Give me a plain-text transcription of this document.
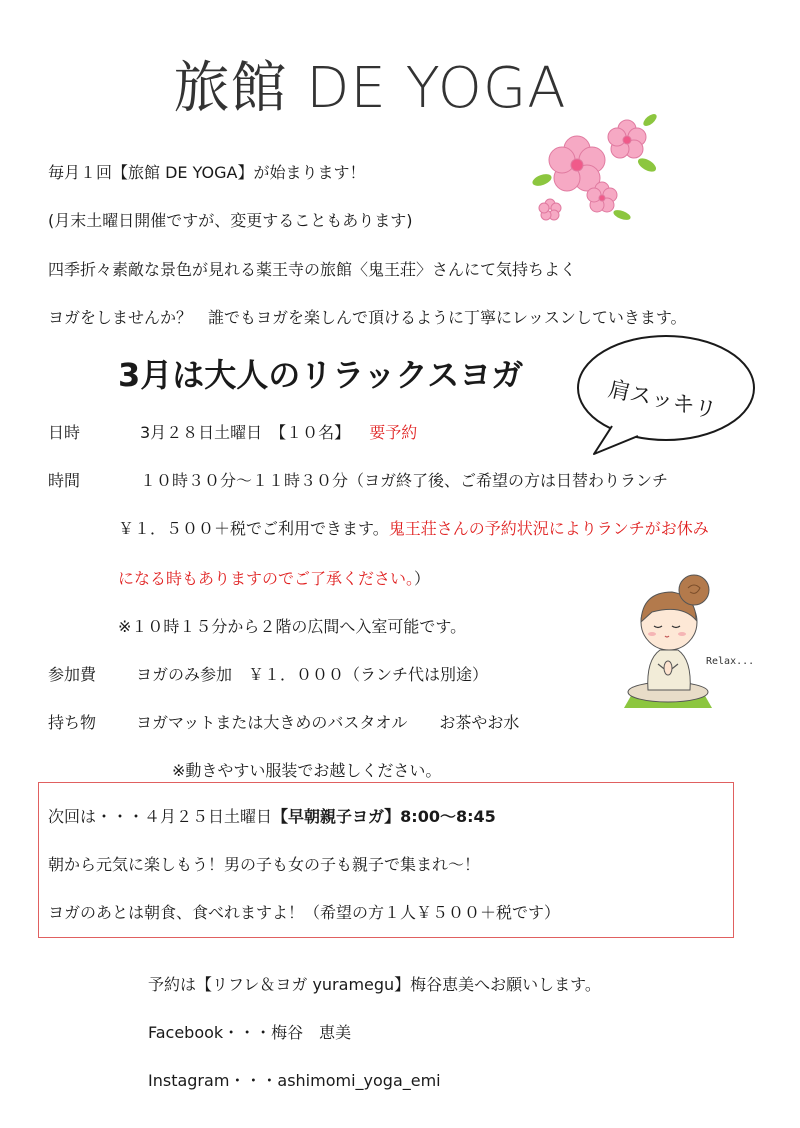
旅館 DE YOGA
毎月１回【旅館 DE YOGA】が始まります！
(月末土曜日開催ですが、変更することもあります)
四季折々素敵な景色が見れる薬王寺の旅館〈鬼王荘〉さんにて気持ちよく
ヨガをしませんか？　誰でもヨガを楽しんで頂けるように丁寧にレッスンしていきます。
3月は大人のリラックスヨガ
肩スッキリ
日時	3月２８日土曜日　【１０名】 要予約
時間	１０時３０分～１１時３０分（ヨガ終了後、ご希望の方は日替わりランチ
￥１．５００＋税でご利用できます。鬼王荘さんの予約状況によりランチがお休み
になる時もありますのでご了承ください。）
※１０時１５分から２階の広間へ入室可能です。
参加費	ヨガのみ参加　￥１．０００（ランチ代は別途）
持ち物	ヨガマットまたは大きめのバスタオル　　お茶やお水
※動きやすい服装でお越しください。
Relax...
次回は・・・４月２５日土曜日【早朝親子ヨガ】8:00～8:45
朝から元気に楽しもう！男の子も女の子も親子で集まれ～！
ヨガのあとは朝食、食べれますよ！（希望の方１人￥５００＋税です）
予約は【リフレ＆ヨガ yuramegu】梅谷恵美へお願いします。
Facebook・・・梅谷　恵美
Instagram・・・ashimomi_yoga_emi
